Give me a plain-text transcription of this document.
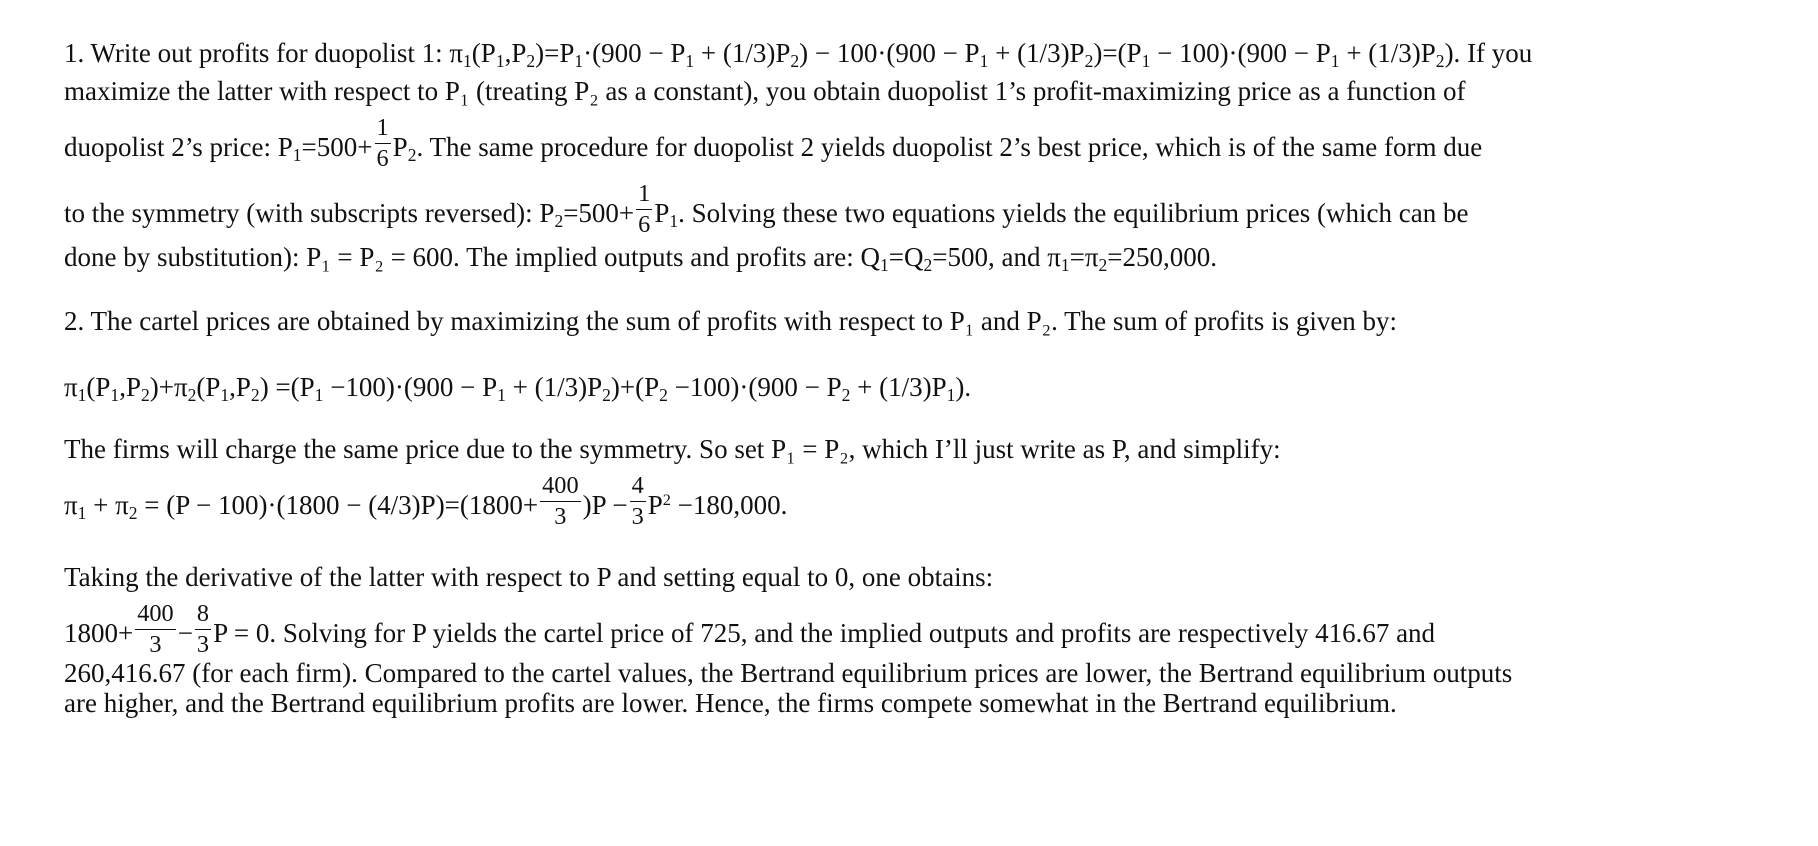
1. Write out profits for duopolist 1: $\pi_1(P_1,P_2)=P_1\cdot(900 - P_1 + (1/3)P_2) - 100\cdot(900 - P_1 + (1/3)P_2)=(P_1 - 100)\cdot(900 - P_1 + (1/3)P_2)$. If you
maximize the latter with respect to P₁ (treating P₂ as a constant), you obtain duopolist 1’s profit-maximizing price as a function of
duopolist 2’s price: $P_1=500+ \frac{1}{6} P_2$. The same procedure for duopolist 2 yields duopolist 2’s best price, which is of the same form due
to the symmetry (with subscripts reversed): $P_2=500+ \frac{1}{6} P_1$. Solving these two equations yields the equilibrium prices (which can be
done by substitution): P₁ = P₂ = 600. The implied outputs and profits are: $Q_1=Q_2=500$, and $\pi_1=\pi_2=250,000$.
2. The cartel prices are obtained by maximizing the sum of profits with respect to P₁ and P₂. The sum of profits is given by:
$\pi_1(P_1,P_2)+\pi_2(P_1,P_2) =(P_1 -100)\cdot(900 - P_1 + (1/3)P_2)+(P_2 -100)\cdot(900 - P_2 + (1/3)P_1)$.
The firms will charge the same price due to the symmetry. So set P₁ = P₂, which I’ll just write as P, and simplify:
$\pi_1 + \pi_2 = (P - 100)\cdot(1800 - (4/3)P)=(1800+ \frac{400}{3} )P - \frac{4}{3} P^2 -180,000$.
Taking the derivative of the latter with respect to P and setting equal to 0, one obtains:
$1800+ \frac{400}{3} - \frac{8}{3}$ P = 0. Solving for P yields the cartel price of 725, and the implied outputs and profits are respectively 416.67 and
260,416.67 (for each firm). Compared to the cartel values, the Bertrand equilibrium prices are lower, the Bertrand equilibrium outputs
are higher, and the Bertrand equilibrium profits are lower. Hence, the firms compete somewhat in the Bertrand equilibrium.
